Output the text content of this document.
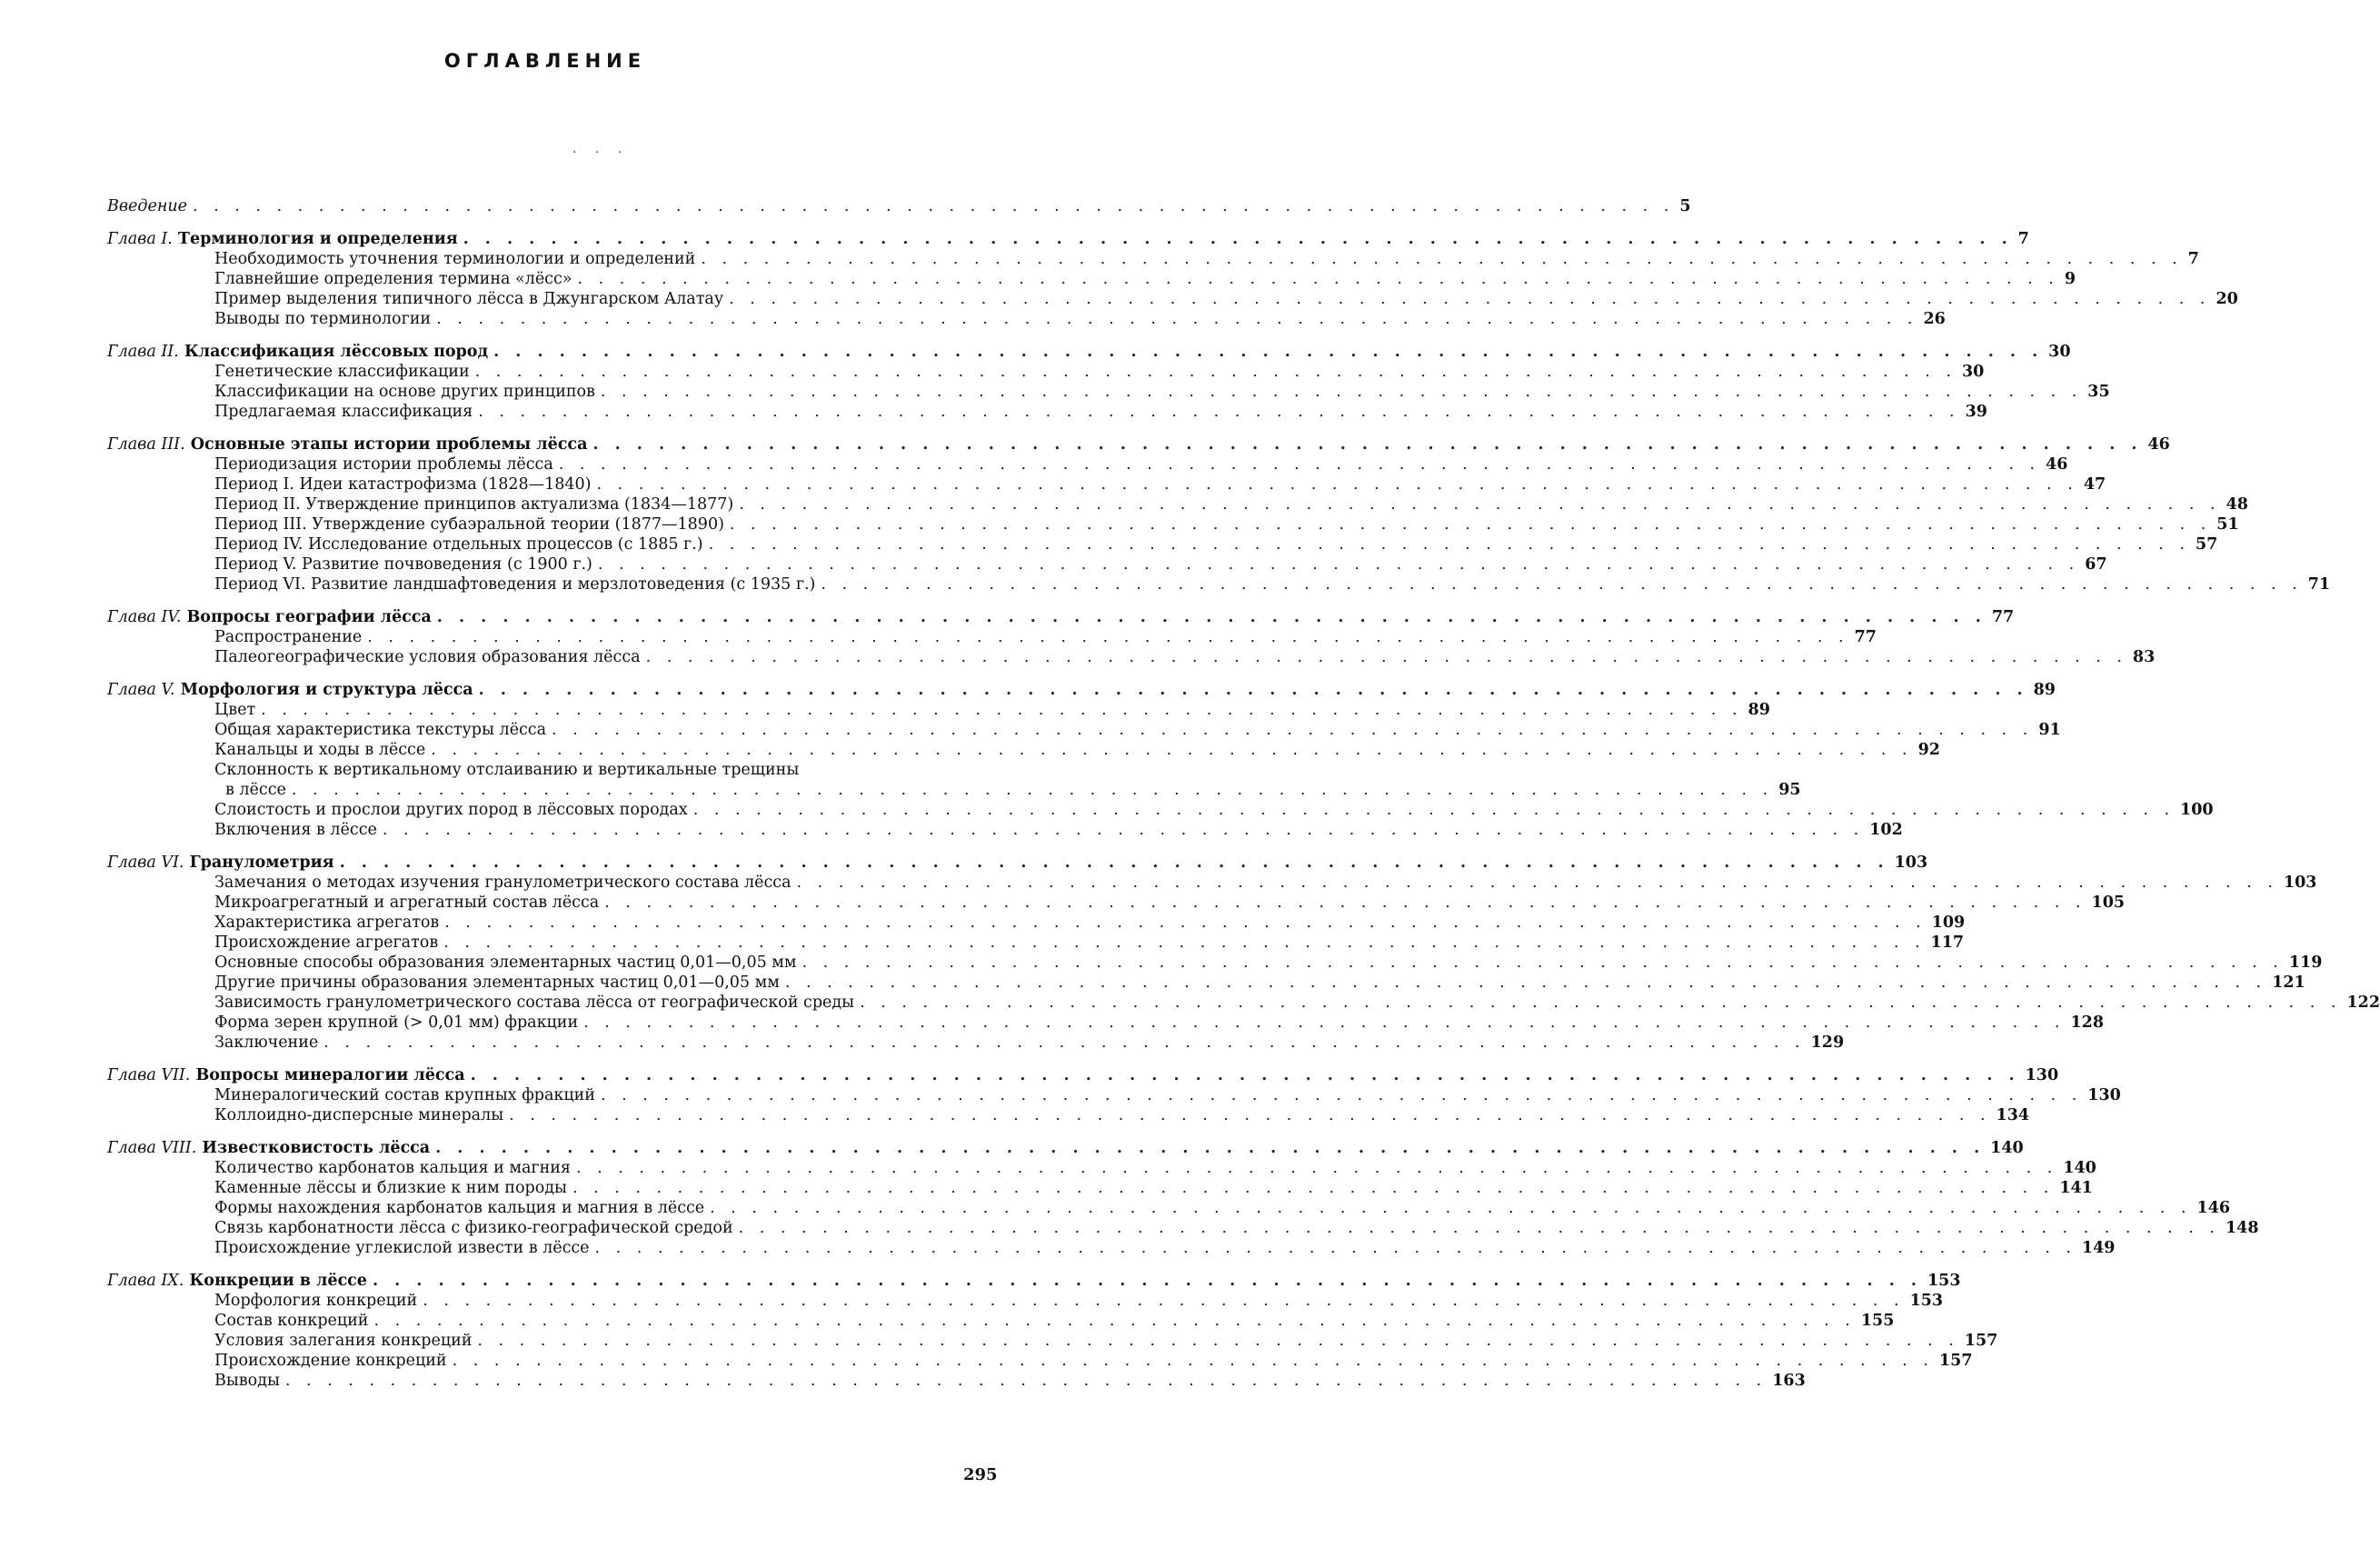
ОГЛАВЛЕНИЕ
· · ·
Введение . . . . . . . . . . . . . . . . . . . . . . . . . . . . . . . . . . . . . . . . . . . . . . . . . . . . . . . . . . . . . . . . . . . . . . . 5
Глава I. Терминология и определения . . . . . . . . . . . . . . . . . . . . . . . . . . . . . . . . . . . . . . . . . . . . . . . . . . . . . . . . . . . . . . . . . . . . . . . 7
Необходимость уточнения терминологии и определений . . . . . . . . . . . . . . . . . . . . . . . . . . . . . . . . . . . . . . . . . . . . . . . . . . . . . . . . . . . . . . . . . . . . . . . 7
Главнейшие определения термина «лёсс» . . . . . . . . . . . . . . . . . . . . . . . . . . . . . . . . . . . . . . . . . . . . . . . . . . . . . . . . . . . . . . . . . . . . . . . 9
Пример выделения типичного лёсса в Джунгарском Алатау . . . . . . . . . . . . . . . . . . . . . . . . . . . . . . . . . . . . . . . . . . . . . . . . . . . . . . . . . . . . . . . . . . . . . . . 20
Выводы по терминологии . . . . . . . . . . . . . . . . . . . . . . . . . . . . . . . . . . . . . . . . . . . . . . . . . . . . . . . . . . . . . . . . . . . . . . . 26
Глава II. Классификация лёссовых пород . . . . . . . . . . . . . . . . . . . . . . . . . . . . . . . . . . . . . . . . . . . . . . . . . . . . . . . . . . . . . . . . . . . . . . . 30
Генетические классификации . . . . . . . . . . . . . . . . . . . . . . . . . . . . . . . . . . . . . . . . . . . . . . . . . . . . . . . . . . . . . . . . . . . . . . . 30
Классификации на основе других принципов . . . . . . . . . . . . . . . . . . . . . . . . . . . . . . . . . . . . . . . . . . . . . . . . . . . . . . . . . . . . . . . . . . . . . . . 35
Предлагаемая классификация . . . . . . . . . . . . . . . . . . . . . . . . . . . . . . . . . . . . . . . . . . . . . . . . . . . . . . . . . . . . . . . . . . . . . . . 39
Глава III. Основные этапы истории проблемы лёсса . . . . . . . . . . . . . . . . . . . . . . . . . . . . . . . . . . . . . . . . . . . . . . . . . . . . . . . . . . . . . . . . . . . . . . . 46
Периодизация истории проблемы лёсса . . . . . . . . . . . . . . . . . . . . . . . . . . . . . . . . . . . . . . . . . . . . . . . . . . . . . . . . . . . . . . . . . . . . . . . 46
Период I. Идеи катастрофизма (1828—1840) . . . . . . . . . . . . . . . . . . . . . . . . . . . . . . . . . . . . . . . . . . . . . . . . . . . . . . . . . . . . . . . . . . . . . . . 47
Период II. Утверждение принципов актуализма (1834—1877) . . . . . . . . . . . . . . . . . . . . . . . . . . . . . . . . . . . . . . . . . . . . . . . . . . . . . . . . . . . . . . . . . . . . . . . 48
Период III. Утверждение субаэральной теории (1877—1890) . . . . . . . . . . . . . . . . . . . . . . . . . . . . . . . . . . . . . . . . . . . . . . . . . . . . . . . . . . . . . . . . . . . . . . . 51
Период IV. Исследование отдельных процессов (с 1885 г.) . . . . . . . . . . . . . . . . . . . . . . . . . . . . . . . . . . . . . . . . . . . . . . . . . . . . . . . . . . . . . . . . . . . . . . . 57
Период V. Развитие почвоведения (с 1900 г.) . . . . . . . . . . . . . . . . . . . . . . . . . . . . . . . . . . . . . . . . . . . . . . . . . . . . . . . . . . . . . . . . . . . . . . . 67
Период VI. Развитие ландшафтоведения и мерзлотоведения (с 1935 г.) . . . . . . . . . . . . . . . . . . . . . . . . . . . . . . . . . . . . . . . . . . . . . . . . . . . . . . . . . . . . . . . . . . . . . . . 71
Глава IV. Вопросы географии лёсса . . . . . . . . . . . . . . . . . . . . . . . . . . . . . . . . . . . . . . . . . . . . . . . . . . . . . . . . . . . . . . . . . . . . . . . 77
Распространение . . . . . . . . . . . . . . . . . . . . . . . . . . . . . . . . . . . . . . . . . . . . . . . . . . . . . . . . . . . . . . . . . . . . . . . 77
Палеогеографические условия образования лёсса . . . . . . . . . . . . . . . . . . . . . . . . . . . . . . . . . . . . . . . . . . . . . . . . . . . . . . . . . . . . . . . . . . . . . . . 83
Глава V. Морфология и структура лёсса . . . . . . . . . . . . . . . . . . . . . . . . . . . . . . . . . . . . . . . . . . . . . . . . . . . . . . . . . . . . . . . . . . . . . . . 89
Цвет . . . . . . . . . . . . . . . . . . . . . . . . . . . . . . . . . . . . . . . . . . . . . . . . . . . . . . . . . . . . . . . . . . . . . . . 89
Общая характеристика текстуры лёсса . . . . . . . . . . . . . . . . . . . . . . . . . . . . . . . . . . . . . . . . . . . . . . . . . . . . . . . . . . . . . . . . . . . . . . . 91
Канальцы и ходы в лёссе . . . . . . . . . . . . . . . . . . . . . . . . . . . . . . . . . . . . . . . . . . . . . . . . . . . . . . . . . . . . . . . . . . . . . . . 92
Склонность к вертикальному отслаиванию и вертикальные трещины
в лёссе . . . . . . . . . . . . . . . . . . . . . . . . . . . . . . . . . . . . . . . . . . . . . . . . . . . . . . . . . . . . . . . . . . . . . . . 95
Слоистость и прослои других пород в лёссовых породах . . . . . . . . . . . . . . . . . . . . . . . . . . . . . . . . . . . . . . . . . . . . . . . . . . . . . . . . . . . . . . . . . . . . . . . 100
Включения в лёссе . . . . . . . . . . . . . . . . . . . . . . . . . . . . . . . . . . . . . . . . . . . . . . . . . . . . . . . . . . . . . . . . . . . . . . . 102
Глава VI. Гранулометрия . . . . . . . . . . . . . . . . . . . . . . . . . . . . . . . . . . . . . . . . . . . . . . . . . . . . . . . . . . . . . . . . . . . . . . . 103
Замечания о методах изучения гранулометрического состава лёсса . . . . . . . . . . . . . . . . . . . . . . . . . . . . . . . . . . . . . . . . . . . . . . . . . . . . . . . . . . . . . . . . . . . . . . . 103
Микроагрегатный и агрегатный состав лёсса . . . . . . . . . . . . . . . . . . . . . . . . . . . . . . . . . . . . . . . . . . . . . . . . . . . . . . . . . . . . . . . . . . . . . . . 105
Характеристика агрегатов . . . . . . . . . . . . . . . . . . . . . . . . . . . . . . . . . . . . . . . . . . . . . . . . . . . . . . . . . . . . . . . . . . . . . . . 109
Происхождение агрегатов . . . . . . . . . . . . . . . . . . . . . . . . . . . . . . . . . . . . . . . . . . . . . . . . . . . . . . . . . . . . . . . . . . . . . . . 117
Основные способы образования элементарных частиц 0,01—0,05 мм . . . . . . . . . . . . . . . . . . . . . . . . . . . . . . . . . . . . . . . . . . . . . . . . . . . . . . . . . . . . . . . . . . . . . . . 119
Другие причины образования элементарных частиц 0,01—0,05 мм . . . . . . . . . . . . . . . . . . . . . . . . . . . . . . . . . . . . . . . . . . . . . . . . . . . . . . . . . . . . . . . . . . . . . . . 121
Зависимость гранулометрического состава лёсса от географической среды . . . . . . . . . . . . . . . . . . . . . . . . . . . . . . . . . . . . . . . . . . . . . . . . . . . . . . . . . . . . . . . . . . . . . . . 122
Форма зерен крупной (> 0,01 мм) фракции . . . . . . . . . . . . . . . . . . . . . . . . . . . . . . . . . . . . . . . . . . . . . . . . . . . . . . . . . . . . . . . . . . . . . . . 128
Заключение . . . . . . . . . . . . . . . . . . . . . . . . . . . . . . . . . . . . . . . . . . . . . . . . . . . . . . . . . . . . . . . . . . . . . . . 129
Глава VII. Вопросы минералогии лёсса . . . . . . . . . . . . . . . . . . . . . . . . . . . . . . . . . . . . . . . . . . . . . . . . . . . . . . . . . . . . . . . . . . . . . . . 130
Минералогический состав крупных фракций . . . . . . . . . . . . . . . . . . . . . . . . . . . . . . . . . . . . . . . . . . . . . . . . . . . . . . . . . . . . . . . . . . . . . . . 130
Коллоидно-дисперсные минералы . . . . . . . . . . . . . . . . . . . . . . . . . . . . . . . . . . . . . . . . . . . . . . . . . . . . . . . . . . . . . . . . . . . . . . . 134
Глава VIII. Известковистость лёсса . . . . . . . . . . . . . . . . . . . . . . . . . . . . . . . . . . . . . . . . . . . . . . . . . . . . . . . . . . . . . . . . . . . . . . . 140
Количество карбонатов кальция и магния . . . . . . . . . . . . . . . . . . . . . . . . . . . . . . . . . . . . . . . . . . . . . . . . . . . . . . . . . . . . . . . . . . . . . . . 140
Каменные лёссы и близкие к ним породы . . . . . . . . . . . . . . . . . . . . . . . . . . . . . . . . . . . . . . . . . . . . . . . . . . . . . . . . . . . . . . . . . . . . . . . 141
Формы нахождения карбонатов кальция и магния в лёссе . . . . . . . . . . . . . . . . . . . . . . . . . . . . . . . . . . . . . . . . . . . . . . . . . . . . . . . . . . . . . . . . . . . . . . . 146
Связь карбонатности лёсса с физико-географической средой . . . . . . . . . . . . . . . . . . . . . . . . . . . . . . . . . . . . . . . . . . . . . . . . . . . . . . . . . . . . . . . . . . . . . . . 148
Происхождение углекислой извести в лёссе . . . . . . . . . . . . . . . . . . . . . . . . . . . . . . . . . . . . . . . . . . . . . . . . . . . . . . . . . . . . . . . . . . . . . . . 149
Глава IX. Конкреции в лёссе . . . . . . . . . . . . . . . . . . . . . . . . . . . . . . . . . . . . . . . . . . . . . . . . . . . . . . . . . . . . . . . . . . . . . . . 153
Морфология конкреций . . . . . . . . . . . . . . . . . . . . . . . . . . . . . . . . . . . . . . . . . . . . . . . . . . . . . . . . . . . . . . . . . . . . . . . 153
Состав конкреций . . . . . . . . . . . . . . . . . . . . . . . . . . . . . . . . . . . . . . . . . . . . . . . . . . . . . . . . . . . . . . . . . . . . . . . 155
Условия залегания конкреций . . . . . . . . . . . . . . . . . . . . . . . . . . . . . . . . . . . . . . . . . . . . . . . . . . . . . . . . . . . . . . . . . . . . . . . 157
Происхождение конкреций . . . . . . . . . . . . . . . . . . . . . . . . . . . . . . . . . . . . . . . . . . . . . . . . . . . . . . . . . . . . . . . . . . . . . . . 157
Выводы . . . . . . . . . . . . . . . . . . . . . . . . . . . . . . . . . . . . . . . . . . . . . . . . . . . . . . . . . . . . . . . . . . . . . . . 163
295
